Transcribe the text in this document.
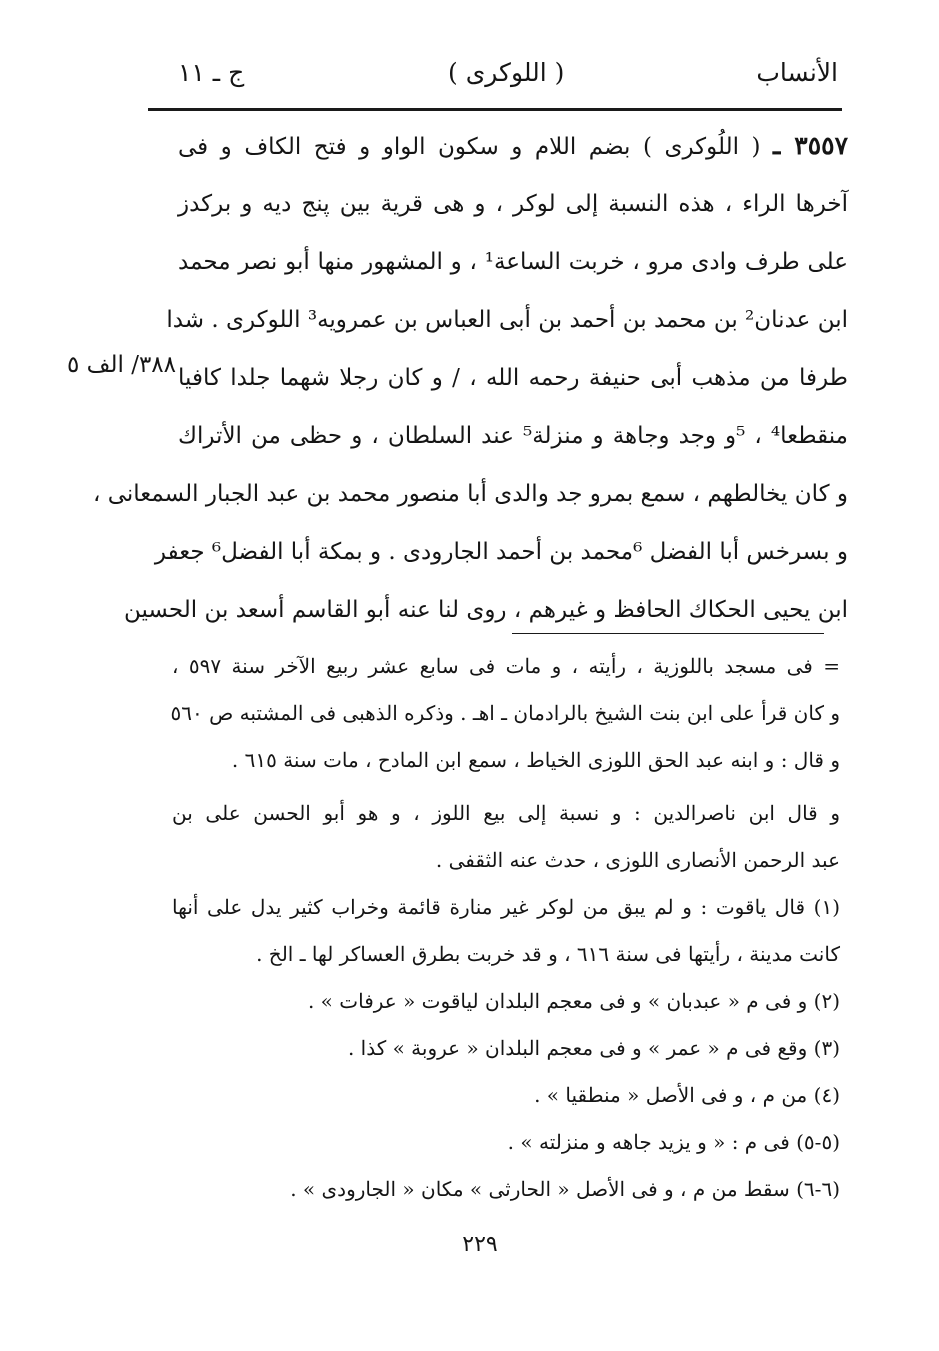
الأنساب
( اللوكرى )
ج ـ ١١
٣٨٨/ الف ٥
٣٥٥٧ ـ ( اللُوكرى ) بضم اللام و سكون الواو و فتح الكاف و فى
آخرها الراء ، هذه النسبة إلى لوكر ، و هى قرية بين پنج ديه و برکدز
على طرف وادى مرو ، خربت الساعة¹ ، و المشهور منها أبو نصر محمد
ابن عدنان² بن محمد بن أحمد بن أبى العباس بن عمرويه³ اللوكرى . شدا
طرفا من مذهب أبى حنيفة رحمه الله ، / و كان رجلا شهما جلدا كافيا
منقطعا⁴ ، ⁵و وجد وجاهة و منزلة⁵ عند السلطان ، و حظى من الأتراك
و كان يخالطهم ، سمع بمرو جد والدى أبا منصور محمد بن عبد الجبار السمعانى ،
و بسرخس أبا الفضل ⁶محمد بن أحمد الجارودى . و بمكة أبا الفضل⁶ جعفر
ابن يحيى الحكاك الحافظ و غيرهم ، روى لنا عنه أبو القاسم أسعد بن الحسين
= فى مسجد باللوزية ، رأيته ، و مات فى سابع عشر ربيع الآخر سنة ٥٩٧ ،
و كان قرأ على ابن بنت الشيخ بالرادمان ـ اهـ . وذكره الذهبى فى المشتبه ص ٥٦٠
و قال : و ابنه عبد الحق اللوزى الخياط ، سمع ابن المادح ، مات سنة ٦١٥ .
و قال ابن ناصرالدين : و نسبة إلى بيع اللوز ، و هو أبو الحسن على بن
عبد الرحمن الأنصارى اللوزى ، حدث عنه الثقفى .
(١) قال ياقوت : و لم يبق من لوكر غير منارة قائمة وخراب كثير يدل على أنها
كانت مدينة ، رأيتها فى سنة ٦١٦ ، و قد خربت بطرق العساكر لها ـ الخ .
(٢) و فى م « عبدبان » و فى معجم البلدان لياقوت « عرفات » .
(٣) وقع فى م « عمر » و فى معجم البلدان « عروبة » كذا .
(٤) من م ، و فى الأصل « منطقيا » .
(٥-٥) فى م : « و يزيد جاهه و منزلته » .
(٦-٦) سقط من م ، و فى الأصل « الحارثى » مكان « الجارودى » .
٢٢٩
